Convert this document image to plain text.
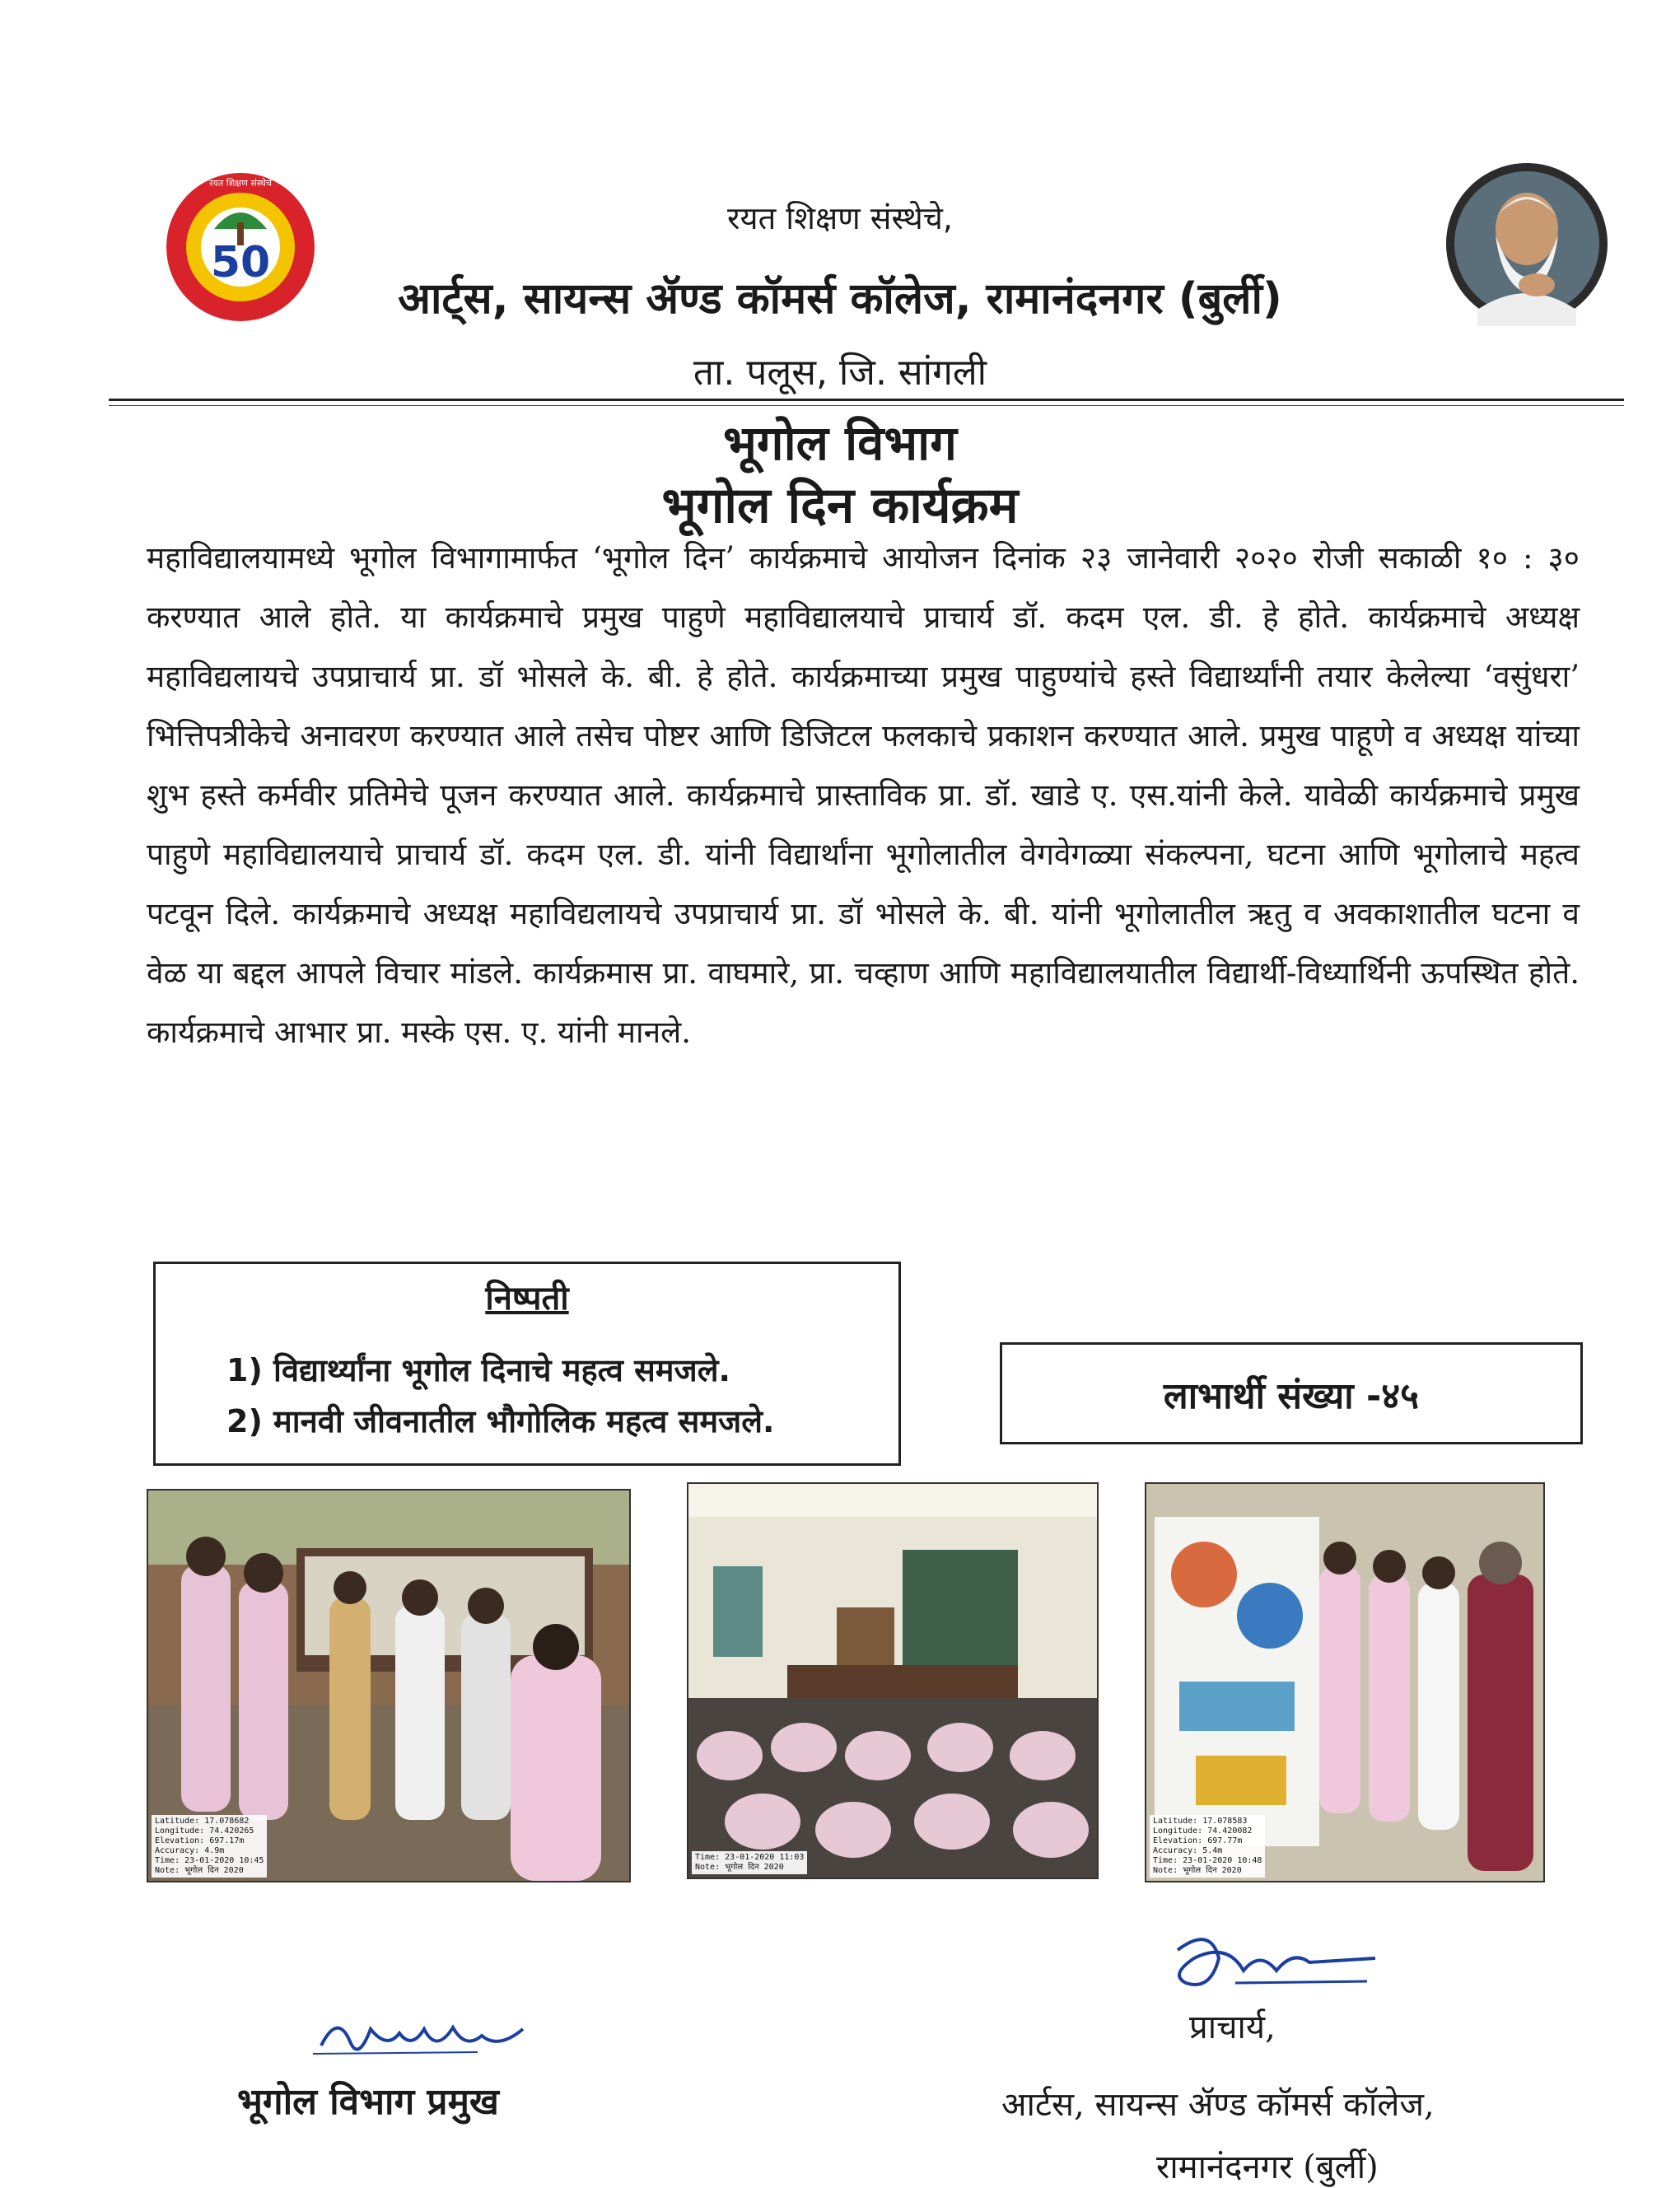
50
रयत शिक्षण संस्थेचे
रयत शिक्षण संस्थेचे,
आर्ट्स, सायन्स ॲण्ड कॉमर्स कॉलेज, रामानंदनगर (बुर्ली)
ता. पलूस, जि. सांगली
भूगोल विभाग
भूगोल दिन कार्यक्रम
महाविद्यालयामध्ये भूगोल विभागामार्फत ‘भूगोल दिन’ कार्यक्रमाचे आयोजन दिनांक २३ जानेवारी २०२० रोजी सकाळी १० : ३० करण्यात आले होते. या कार्यक्रमाचे प्रमुख पाहुणे महाविद्यालयाचे प्राचार्य डॉ. कदम एल. डी. हे होते. कार्यक्रमाचे अध्यक्ष महाविद्यलायचे उपप्राचार्य प्रा. डॉ भोसले के. बी. हे होते. कार्यक्रमाच्या प्रमुख पाहुण्यांचे हस्ते विद्यार्थ्यांनी तयार केलेल्या ‘वसुंधरा’ भित्तिपत्रीकेचे अनावरण करण्यात आले तसेच पोष्टर आणि डिजिटल फलकाचे प्रकाशन करण्यात आले. प्रमुख पाहूणे व अध्यक्ष यांच्या शुभ हस्ते कर्मवीर प्रतिमेचे पूजन करण्यात आले. कार्यक्रमाचे प्रास्ताविक प्रा. डॉ. खाडे ए. एस.यांनी केले. यावेळी कार्यक्रमाचे प्रमुख पाहुणे महाविद्यालयाचे प्राचार्य डॉ. कदम एल. डी. यांनी विद्यार्थांना भूगोलातील वेगवेगळ्या संकल्पना, घटना आणि भूगोलाचे महत्व पटवून दिले. कार्यक्रमाचे अध्यक्ष महाविद्यलायचे उपप्राचार्य प्रा. डॉ भोसले के. बी. यांनी भूगोलातील ऋतु व अवकाशातील घटना व वेळ या बद्दल आपले विचार मांडले. कार्यक्रमास प्रा. वाघमारे, प्रा. चव्हाण आणि महाविद्यालयातील विद्यार्थी-विध्यार्थिनी ऊपस्थित होते. कार्यक्रमाचे आभार प्रा. मस्के एस. ए. यांनी मानले.
निष्पती
1) विद्यार्थ्यांना भूगोल दिनाचे महत्व समजले.
2) मानवी जीवनातील भौगोलिक महत्व समजले.
लाभार्थी संख्या -४५
Latitude: 17.078682
Longitude: 74.420265
Elevation: 697.17m
Accuracy: 4.9m
Time: 23-01-2020 10:45
Note: भूगोल दिन 2020
Time: 23-01-2020 11:03
Note: भूगोल दिन 2020
Latitude: 17.078583
Longitude: 74.420082
Elevation: 697.77m
Accuracy: 5.4m
Time: 23-01-2020 10:48
Note: भूगोल दिन 2020
भूगोल विभाग प्रमुख
प्राचार्य,
आर्टस, सायन्स ॲण्ड कॉमर्स कॉलेज,
रामानंदनगर (बुर्ली)
